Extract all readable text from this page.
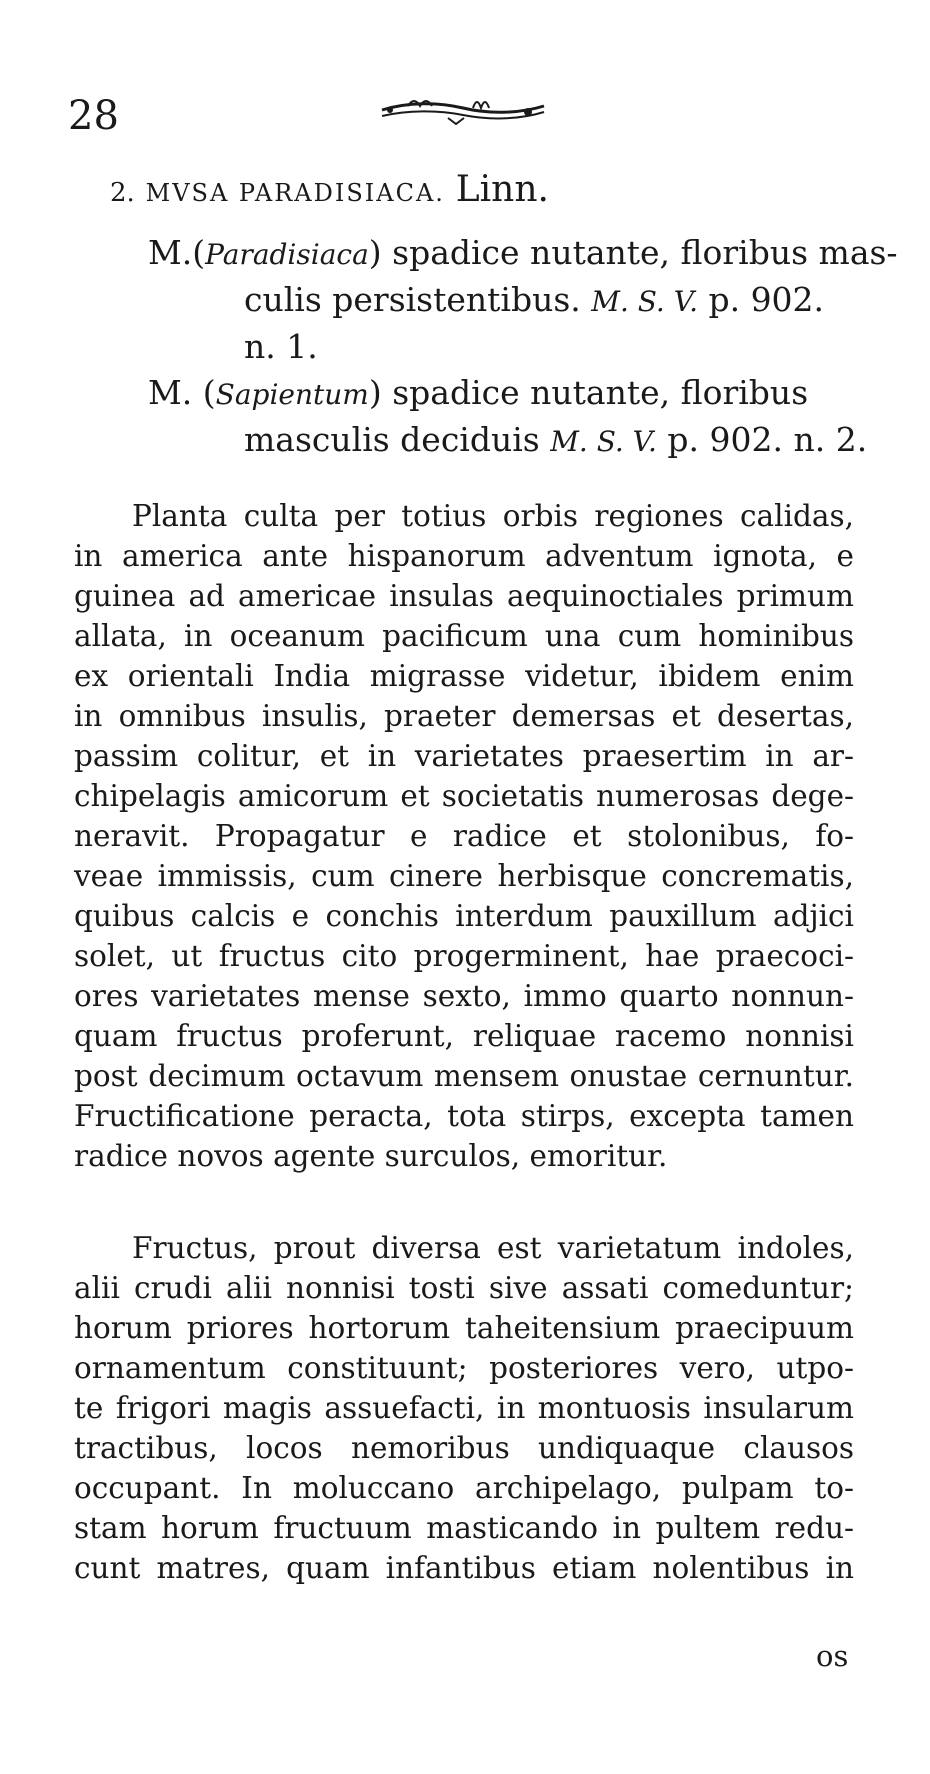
28
2. MVSA PARADISIACA. Linn.
M.(Paradisiaca) spadice nutante, floribus mas-
culis persistentibus. M. S. V. p. 902.
n. 1.
M. (Sapientum) spadice nutante, floribus
masculis deciduis M. S. V. p. 902. n. 2.
Planta culta per totius orbis regiones calidas,
in america ante hispanorum adventum ignota, e
guinea ad americae insulas aequinoctiales primum
allata, in oceanum pacificum una cum hominibus
ex orientali India migrasse videtur, ibidem enim
in omnibus insulis, praeter demersas et desertas,
passim colitur, et in varietates praesertim in ar-
chipelagis amicorum et societatis numerosas dege-
neravit. Propagatur e radice et stolonibus, fo-
veae immissis, cum cinere herbisque concrematis,
quibus calcis e conchis interdum pauxillum adjici
solet, ut fructus cito progerminent, hae praecoci-
ores varietates mense sexto, immo quarto nonnun-
quam fructus proferunt, reliquae racemo nonnisi
post decimum octavum mensem onustae cernuntur.
Fructificatione peracta, tota stirps, excepta tamen
radice novos agente surculos, emoritur.
Fructus, prout diversa est varietatum indoles,
alii crudi alii nonnisi tosti sive assati comeduntur;
horum priores hortorum taheitensium praecipuum
ornamentum constituunt; posteriores vero, utpo-
te frigori magis assuefacti, in montuosis insularum
tractibus, locos nemoribus undiquaque clausos
occupant. In moluccano archipelago, pulpam to-
stam horum fructuum masticando in pultem redu-
cunt matres, quam infantibus etiam nolentibus in
os
